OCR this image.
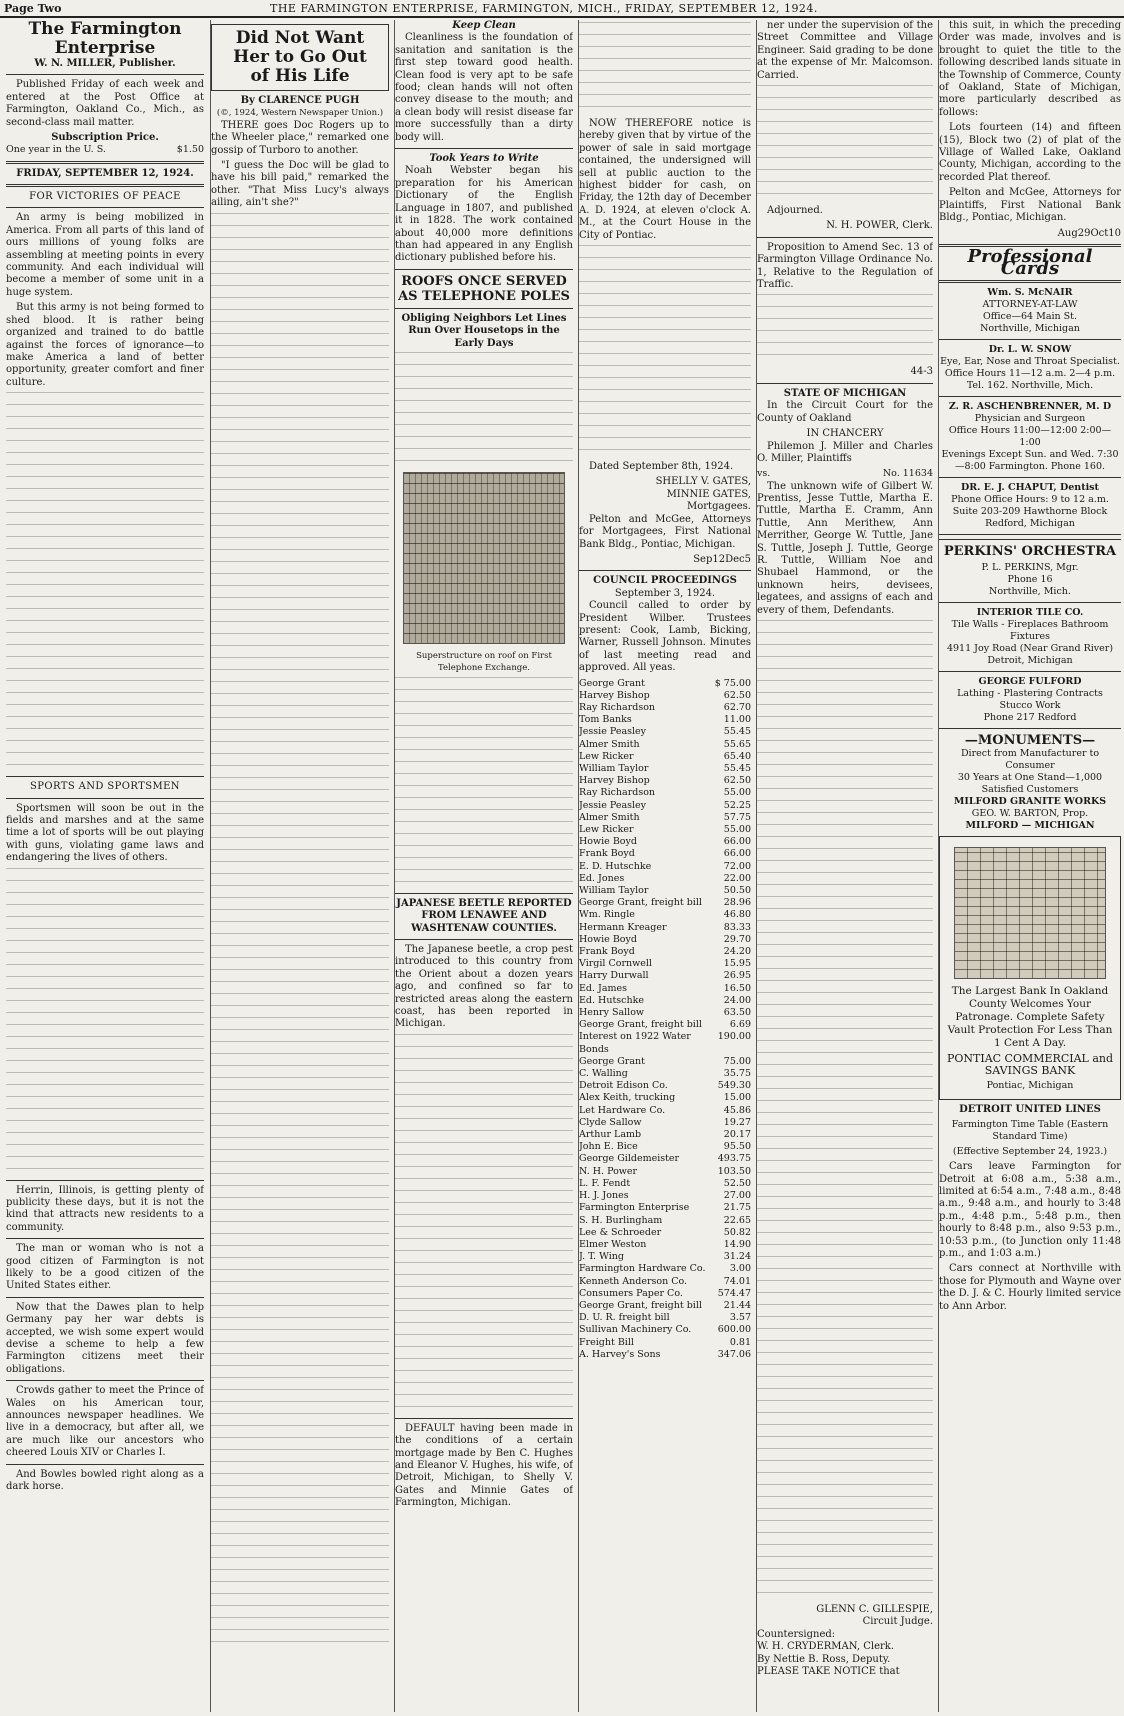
Page Two	THE FARMINGTON ENTERPRISE, FARMINGTON, MICH., FRIDAY, SEPTEMBER 12, 1924.
The Farmington Enterprise
W. N. MILLER, Publisher.

Published Friday of each week and entered at the Post Office at Farmington, Oakland Co., Mich., as second-class mail matter.

Subscription Price.
One year in the U. S.	$1.50
FRIDAY, SEPTEMBER 12, 1924.
FOR VICTORIES OF PEACE

An army is being mobilized in America. From all parts of this land of ours millions of young folks are assembling at meeting points in every community. And each individual will become a member of some unit in a huge system.

But this army is not being formed to shed blood. It is rather being organized and trained to do battle against the forces of ignorance—to make America a land of better opportunity, greater comfort and finer culture.

SPORTS AND SPORTSMEN

Sportsmen will soon be out in the fields and marshes and at the same time a lot of sports will be out playing with guns, violating game laws and endangering the lives of others.

Herrin, Illinois, is getting plenty of publicity these days, but it is not the kind that attracts new residents to a community.

The man or woman who is not a good citizen of Farmington is not likely to be a good citizen of the United States either.

Now that the Dawes plan to help Germany pay her war debts is accepted, we wish some expert would devise a scheme to help a few Farmington citizens meet their obligations.

Crowds gather to meet the Prince of Wales on his American tour, announces newspaper headlines. We live in a democracy, but after all, we are much like our ancestors who cheered Louis XIV or Charles I.

And Bowles bowled right along as a dark horse.

Did Not Want
Her to Go Out
of His Life
By CLARENCE PUGH
(©, 1924, Western Newspaper Union.)

THERE goes Doc Rogers up to the Wheeler place," remarked one gossip of Turboro to another.

"I guess the Doc will be glad to have his bill paid," remarked the other. "That Miss Lucy's always ailing, ain't she?"

Keep Clean

Cleanliness is the foundation of sanitation and sanitation is the first step toward good health. Clean food is very apt to be safe food; clean hands will not often convey disease to the mouth; and a clean body will resist disease far more successfully than a dirty body will.

Took Years to Write

Noah Webster began his preparation for his American Dictionary of the English Language in 1807, and published it in 1828. The work contained about 40,000 more definitions than had appeared in any English dictionary published before his.

ROOFS ONCE SERVED
AS TELEPHONE POLES
Obliging Neighbors Let Lines Run Over Housetops in the Early Days
Superstructure on roof on First Telephone Exchange.
JAPANESE BEETLE REPORTED FROM LENAWEE AND WASHTENAW COUNTIES.

The Japanese beetle, a crop pest introduced to this country from the Orient about a dozen years ago, and confined so far to restricted areas along the eastern coast, has been reported in Michigan.

DEFAULT having been made in the conditions of a certain mortgage made by Ben C. Hughes and Eleanor V. Hughes, his wife, of Detroit, Michigan, to Shelly V. Gates and Minnie Gates of Farmington, Michigan.

NOW THEREFORE notice is hereby given that by virtue of the power of sale in said mortgage contained, the undersigned will sell at public auction to the highest bidder for cash, on Friday, the 12th day of December A. D. 1924, at eleven o'clock A. M., at the Court House in the City of Pontiac.

Dated September 8th, 1924.

SHELLY V. GATES,
MINNIE GATES,
Mortgagees.

Pelton and McGee, Attorneys for Mortgagees, First National Bank Bldg., Pontiac, Michigan.

Sep12Dec5
COUNCIL PROCEEDINGS
September 3, 1924.

Council called to order by President Wilber. Trustees present: Cook, Lamb, Bicking, Warner, Russell Johnson. Minutes of last meeting read and approved. All yeas.

George Grant	$ 75.00
Harvey Bishop	62.50
Ray Richardson	62.70
Tom Banks	11.00
Jessie Peasley	55.45
Almer Smith	55.65
Lew Ricker	65.40
William Taylor	55.45
Harvey Bishop	62.50
Ray Richardson	55.00
Jessie Peasley	52.25
Almer Smith	57.75
Lew Ricker	55.00
Howie Boyd	66.00
Frank Boyd	66.00
E. D. Hutschke	72.00
Ed. Jones	22.00
William Taylor	50.50
George Grant, freight bill 28.96
Wm. Ringle	46.80
Hermann Kreager	83.33
Howie Boyd	29.70
Frank Boyd	24.20
Virgil Cornwell	15.95
Harry Durwall	26.95
Ed. James	16.50
Ed. Hutschke	24.00
Henry Sallow	63.50
George Grant, freight bill	6.69
Interest on 1922 Water Bonds
190.00
George Grant	75.00
C. Walling	35.75
Detroit Edison Co.	549.30
Alex Keith, trucking	15.00
Let Hardware Co.	45.86
Clyde Sallow	19.27
Arthur Lamb	20.17
John E. Bice	95.50
George Gildemeister	493.75
N. H. Power	103.50
L. F. Fendt	52.50
H. J. Jones	27.00
Farmington Enterprise	21.75
S. H. Burlingham	22.65
Lee & Schroeder	50.82
Elmer Weston	14.90
J. T. Wing	31.24
Farmington Hardware Co.	3.00
Kenneth Anderson Co.	74.01
Consumers Paper Co.	574.47
George Grant, freight bill 21.44
D. U. R. freight bill	3.57
Sullivan Machinery Co.	600.00
Freight Bill	0.81
A. Harvey's Sons	347.06

ner under the supervision of the Street Committee and Village Engineer. Said grading to be done at the expense of Mr. Malcomson. Carried.

Adjourned.

N. H. POWER, Clerk.

Proposition to Amend Sec. 13 of Farmington Village Ordinance No. 1, Relative to the Regulation of Traffic.

44-3
STATE OF MICHIGAN

In the Circuit Court for the County of Oakland

IN CHANCERY

Philemon J. Miller and Charles O. Miller, Plaintiffs

vs.	No. 11634

The unknown wife of Gilbert W. Prentiss, Jesse Tuttle, Martha E. Tuttle, Martha E. Cramm, Ann Tuttle, Ann Merithew, Ann Merrither, George W. Tuttle, Jane S. Tuttle, Joseph J. Tuttle, George R. Tuttle, William Noe and Shubael Hammond, or the unknown heirs, devisees, legatees, and assigns of each and every of them, Defendants.

GLENN C. GILLESPIE,
Circuit Judge.
Countersigned:
W. H. CRYDERMAN, Clerk.
By Nettie B. Ross, Deputy.
PLEASE TAKE NOTICE that

this suit, in which the preceding Order was made, involves and is brought to quiet the title to the following described lands situate in the Township of Commerce, County of Oakland, State of Michigan, more particularly described as follows:

Lots fourteen (14) and fifteen (15), Block two (2) of plat of the Village of Walled Lake, Oakland County, Michigan, according to the recorded Plat thereof.

Pelton and McGee, Attorneys for Plaintiffs, First National Bank Bldg., Pontiac, Michigan.

Aug29Oct10
Professional Cards
Wm. S. McNAIR
ATTORNEY-AT-LAW
Office—64 Main St.
Northville, Michigan
Dr. L. W. SNOW
Eye, Ear, Nose and Throat Specialist.
Office Hours 11—12 a.m. 2—4 p.m.
Tel. 162. Northville, Mich.
Z. R. ASCHENBRENNER, M. D
Physician and Surgeon
Office Hours 11:00—12:00 2:00—1:00
Evenings Except Sun. and Wed. 7:30—8:00 Farmington. Phone 160.
DR. E. J. CHAPUT, Dentist
Phone Office Hours: 9 to 12 a.m.
Suite 203-209 Hawthorne Block
Redford, Michigan
PERKINS' ORCHESTRA
P. L. PERKINS, Mgr.
Phone 16
Northville, Mich.
INTERIOR TILE CO.
Tile Walls - Fireplaces Bathroom Fixtures
4911 Joy Road (Near Grand River)
Detroit, Michigan
GEORGE FULFORD
Lathing - Plastering Contracts
Stucco Work
Phone 217 Redford
—MONUMENTS—
Direct from Manufacturer to Consumer
30 Years at One Stand—1,000 Satisfied Customers
MILFORD GRANITE WORKS
GEO. W. BARTON, Prop.
MILFORD — MICHIGAN
The Largest Bank In Oakland County Welcomes Your Patronage. Complete Safety Vault Protection For Less Than 1 Cent A Day.
PONTIAC COMMERCIAL and SAVINGS BANK
Pontiac, Michigan
DETROIT UNITED LINES
Farmington Time Table (Eastern Standard Time)
(Effective September 24, 1923.)

Cars leave Farmington for Detroit at 6:08 a.m., 5:38 a.m., limited at 6:54 a.m., 7:48 a.m., 8:48 a.m., 9:48 a.m., and hourly to 3:48 p.m., 4:48 p.m., 5:48 p.m., then hourly to 8:48 p.m., also 9:53 p.m., 10:53 p.m., (to Junction only 11:48 p.m., and 1:03 a.m.)

Cars connect at Northville with those for Plymouth and Wayne over the D. J. & C. Hourly limited service to Ann Arbor.
